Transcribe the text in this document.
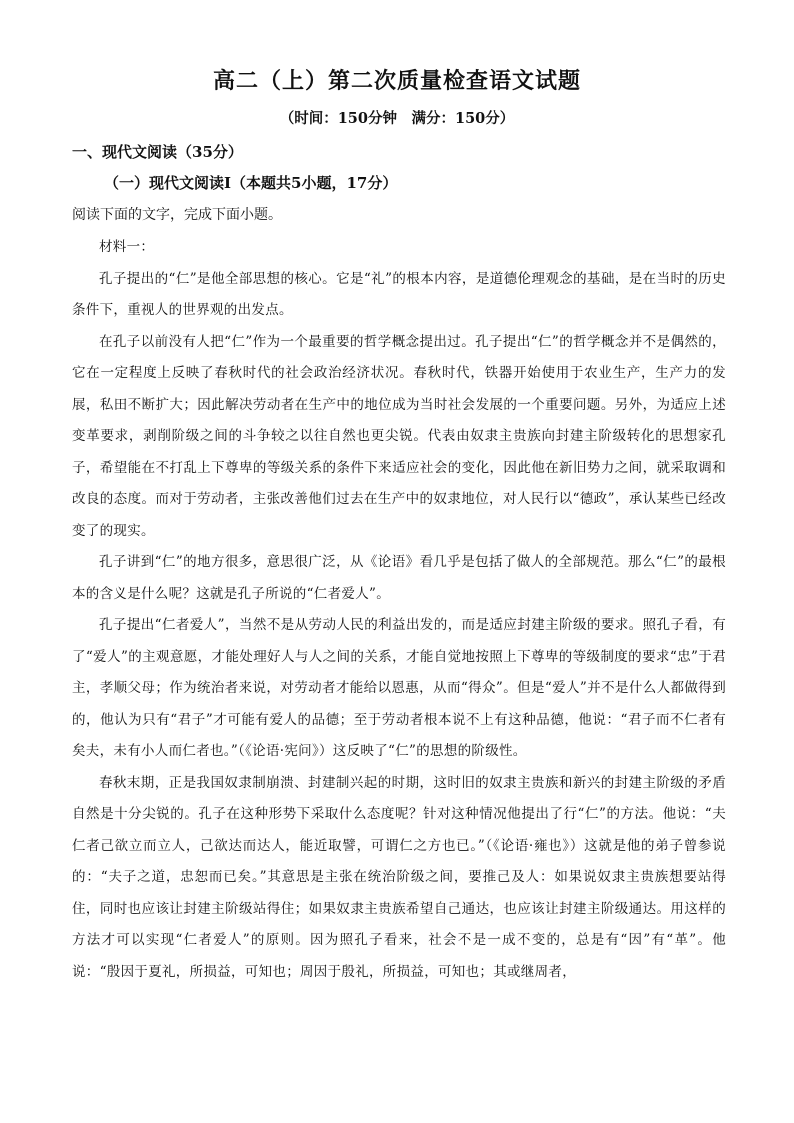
高二（上）第二次质量检查语文试题
（时间：150分钟　满分：150分）
一、现代文阅读（35分）
（一）现代文阅读Ⅰ（本题共5小题，17分）
阅读下面的文字，完成下面小题。

材料一：

孔子提出的“仁”是他全部思想的核心。它是“礼”的根本内容，是道德伦理观念的基础，是在当时的历史条件下，重视人的世界观的出发点。

在孔子以前没有人把“仁”作为一个最重要的哲学概念提出过。孔子提出“仁”的哲学概念并不是偶然的，它在一定程度上反映了春秋时代的社会政治经济状况。春秋时代，铁器开始使用于农业生产，生产力的发展，私田不断扩大；因此解决劳动者在生产中的地位成为当时社会发展的一个重要问题。另外，为适应上述变革要求，剥削阶级之间的斗争较之以往自然也更尖锐。代表由奴隶主贵族向封建主阶级转化的思想家孔子，希望能在不打乱上下尊卑的等级关系的条件下来适应社会的变化，因此他在新旧势力之间，就采取调和改良的态度。而对于劳动者，主张改善他们过去在生产中的奴隶地位，对人民行以“德政”，承认某些已经改变了的现实。

孔子讲到“仁”的地方很多，意思很广泛，从《论语》看几乎是包括了做人的全部规范。那么“仁”的最根本的含义是什么呢？这就是孔子所说的“仁者爱人”。

孔子提出“仁者爱人”，当然不是从劳动人民的利益出发的，而是适应封建主阶级的要求。照孔子看，有了“爱人”的主观意愿，才能处理好人与人之间的关系，才能自觉地按照上下尊卑的等级制度的要求“忠”于君主，孝顺父母；作为统治者来说，对劳动者才能给以恩惠，从而“得众”。但是“爱人”并不是什么人都做得到的，他认为只有“君子”才可能有爱人的品德；至于劳动者根本说不上有这种品德，他说：“君子而不仁者有矣夫，未有小人而仁者也。”（《论语·宪问》）这反映了“仁”的思想的阶级性。

春秋末期，正是我国奴隶制崩溃、封建制兴起的时期，这时旧的奴隶主贵族和新兴的封建主阶级的矛盾自然是十分尖锐的。孔子在这种形势下采取什么态度呢？针对这种情况他提出了行“仁”的方法。他说：“夫仁者己欲立而立人，己欲达而达人，能近取譬，可谓仁之方也已。”（《论语·雍也》）这就是他的弟子曾参说的：“夫子之道，忠恕而已矣。”其意思是主张在统治阶级之间，要推己及人：如果说奴隶主贵族想要站得住，同时也应该让封建主阶级站得住；如果奴隶主贵族希望自己通达，也应该让封建主阶级通达。用这样的方法才可以实现“仁者爱人”的原则。因为照孔子看来，社会不是一成不变的，总是有“因”有“革”。他说：“殷因于夏礼，所损益，可知也；周因于殷礼，所损益，可知也；其或继周者，
